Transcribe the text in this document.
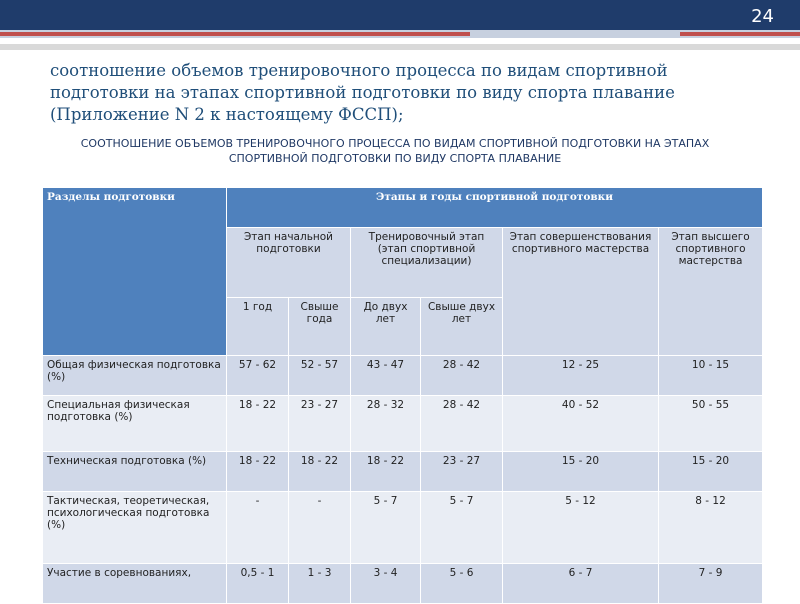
24
соотношение объемов тренировочного процесса по видам спортивной подготовки на этапах спортивной подготовки по виду спорта плавание (Приложение N 2 к настоящему ФССП);
СООТНОШЕНИЕ ОБЪЕМОВ ТРЕНИРОВОЧНОГО ПРОЦЕССА ПО ВИДАМ СПОРТИВНОЙ ПОДГОТОВКИ НА ЭТАПАХ СПОРТИВНОЙ ПОДГОТОВКИ ПО ВИДУ СПОРТА ПЛАВАНИЕ
Разделы подготовки	Этапы и годы спортивной подготовки					
	Этап начальной подготовки		Тренировочный этап (этап спортивной специализации)		Этап совершенствования спортивного мастерства	Этап высшего спортивного мастерства
	1 год	Свыше года	До двух лет	Свыше двух лет		
Общая физическая подготовка (%)	57 - 62	52 - 57	43 - 47	28 - 42	12 - 25	10 - 15
Специальная физическая подготовка (%)	18 - 22	23 - 27	28 - 32	28 - 42	40 - 52	50 - 55
Техническая подготовка (%)	18 - 22	18 - 22	18 - 22	23 - 27	15 - 20	15 - 20
Тактическая, теоретическая, психологическая подготовка (%)	-	-	5 - 7	5 - 7	5 - 12	8 - 12
Участие в соревнованиях,	0,5 - 1	1 - 3	3 - 4	5 - 6	6 - 7	7 - 9
